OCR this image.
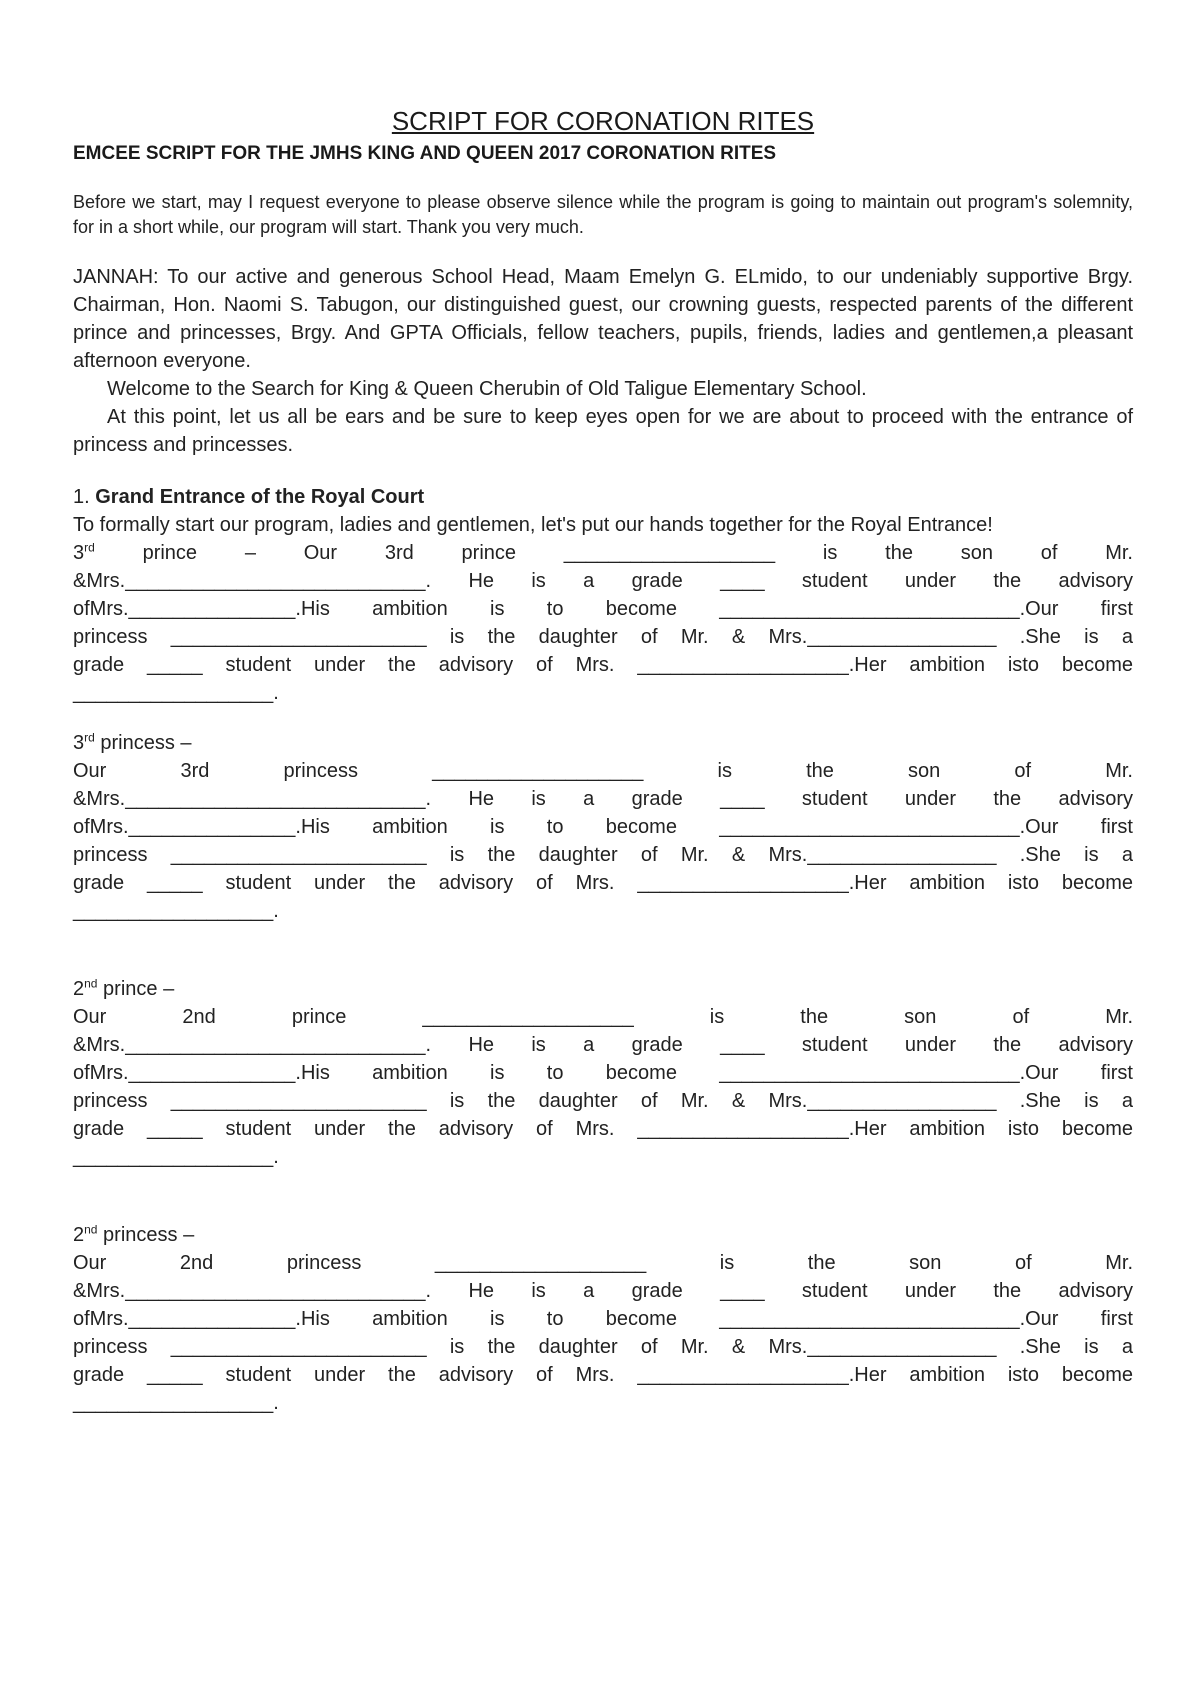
SCRIPT FOR CORONATION RITES

EMCEE SCRIPT FOR THE JMHS KING AND QUEEN 2017 CORONATION RITES

Before we start, may I request everyone to please observe silence while the program is going to maintain out program's solemnity, for in a short while, our program will start. Thank you very much.

JANNAH: To our active and generous School Head, Maam Emelyn G. ELmido, to our undeniably supportive Brgy. Chairman, Hon. Naomi S. Tabugon, our distinguished guest, our crowning guests, respected parents of the different prince and princesses, Brgy. And GPTA Officials, fellow teachers, pupils, friends, ladies and gentlemen,a pleasant afternoon everyone.

Welcome to the Search for King & Queen Cherubin of Old Taligue Elementary School.

At this point, let us all be ears and be sure to keep eyes open for we are about to proceed with the entrance of princess and princesses.

1. Grand Entrance of the Royal Court

To formally start our program, ladies and gentlemen, let's put our hands together for the Royal Entrance!

3rd prince – Our 3rd prince ___________________ is the son of Mr.
&Mrs.___________________________. He is a grade ____ student under the advisory
ofMrs._______________.His ambition is to become ___________________________.Our first
princess _______________________ is the daughter of Mr. & Mrs._________________ .She is a
grade _____ student under the advisory of Mrs. ___________________.Her ambition isto become
__________________.
3rd princess –
Our 3rd princess ___________________ is the son of Mr.
&Mrs.___________________________. He is a grade ____ student under the advisory
ofMrs._______________.His ambition is to become ___________________________.Our first
princess _______________________ is the daughter of Mr. & Mrs._________________ .She is a
grade _____ student under the advisory of Mrs. ___________________.Her ambition isto become
__________________.
2nd prince –
Our 2nd prince ___________________ is the son of Mr.
&Mrs.___________________________. He is a grade ____ student under the advisory
ofMrs._______________.His ambition is to become ___________________________.Our first
princess _______________________ is the daughter of Mr. & Mrs._________________ .She is a
grade _____ student under the advisory of Mrs. ___________________.Her ambition isto become
__________________.
2nd princess –
Our 2nd princess ___________________ is the son of Mr.
&Mrs.___________________________. He is a grade ____ student under the advisory
ofMrs._______________.His ambition is to become ___________________________.Our first
princess _______________________ is the daughter of Mr. & Mrs._________________ .She is a
grade _____ student under the advisory of Mrs. ___________________.Her ambition isto become
__________________.
